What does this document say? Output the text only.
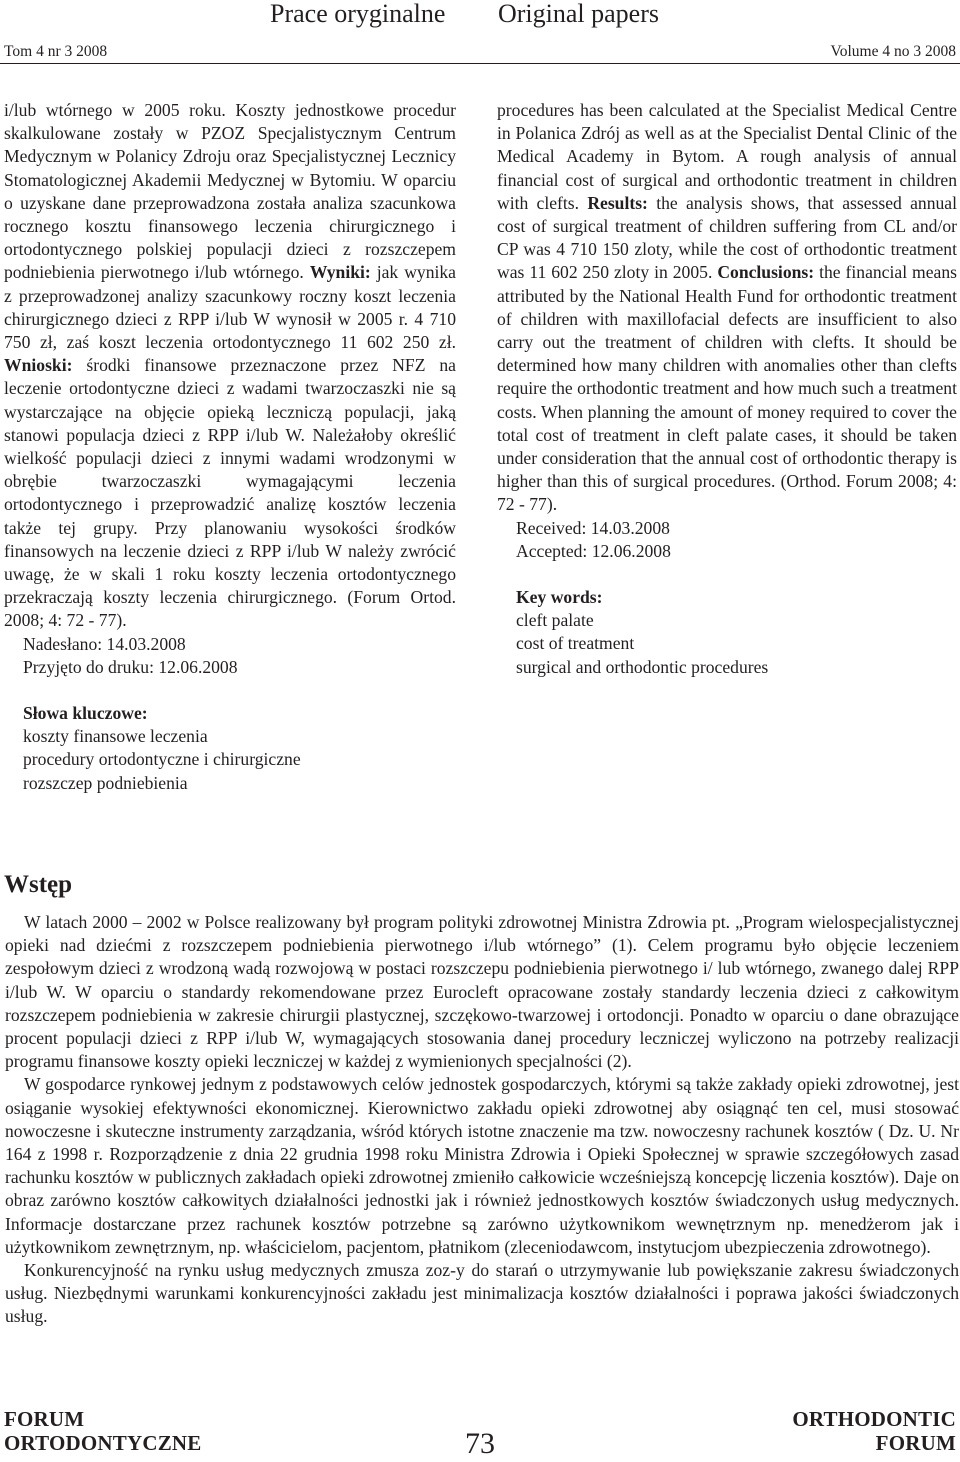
Prace oryginalne Original papers
Tom 4 nr 3 2008	Volume 4 no 3 2008

i/lub wtórnego w 2005 roku. Koszty jednostkowe procedur skalkulowane zostały w PZOZ Specjalistycznym Centrum Medycznym w Polanicy Zdroju oraz Specjalistycznej Lecznicy Stomatologicznej Akademii Medycznej w Bytomiu. W oparciu o uzyskane dane przeprowadzona została analiza szacunkowa rocznego kosztu finansowego leczenia chirurgicznego i ortodontycznego polskiej populacji dzieci z rozszczepem podniebienia pierwotnego i/lub wtórnego. Wyniki: jak wynika z przeprowadzonej analizy szacunkowy roczny koszt leczenia chirurgicznego dzieci z RPP i/lub W wynosił w 2005 r. 4 710 750 zł, zaś koszt leczenia ortodontycznego 11 602 250 zł. Wnioski: środki finansowe przeznaczone przez NFZ na leczenie ortodontyczne dzieci z wadami twarzoczaszki nie są wystarczające na objęcie opieką leczniczą populacji, jaką stanowi populacja dzieci z RPP i/lub W. Należałoby określić wielkość populacji dzieci z innymi wadami wrodzonymi w obrębie twarzoczaszki wymagającymi leczenia ortodontycznego i przeprowadzić analizę kosztów leczenia także tej grupy. Przy planowaniu wysokości środków finansowych na leczenie dzieci z RPP i/lub W należy zwrócić uwagę, że w skali 1 roku koszty leczenia ortodontycznego przekraczają koszty leczenia chirurgicznego. (Forum Ortod. 2008; 4: 72 - 77).

Nadesłano: 14.03.2008

Przyjęto do druku: 12.06.2008

Słowa kluczowe:
koszty finansowe leczenia
procedury ortodontyczne i chirurgiczne
rozszczep podniebienia

procedures has been calculated at the Specialist Medical Centre in Polanica Zdrój as well as at the Specialist Dental Clinic of the Medical Academy in Bytom. A rough analysis of annual financial cost of surgical and orthodontic treatment in children with clefts. Results: the analysis shows, that assessed annual cost of surgical treatment of children suffering from CL and/or CP was 4 710 150 zloty, while the cost of orthodontic treatment was 11 602 250 zloty in 2005. Conclusions: the financial means attributed by the National Health Fund for orthodontic treatment of children with maxillofacial defects are insufficient to also carry out the treatment of children with clefts. It should be determined how many children with anomalies other than clefts require the orthodontic treatment and how much such a treatment costs. When planning the amount of money required to cover the total cost of treatment in cleft palate cases, it should be taken under consideration that the annual cost of orthodontic therapy is higher than this of surgical procedures. (Orthod. Forum 2008; 4: 72 - 77).

Received: 14.03.2008

Accepted: 12.06.2008

Key words:
cleft palate
cost of treatment
surgical and orthodontic procedures
Wstęp

W latach 2000 – 2002 w Polsce realizowany był program polityki zdrowotnej Ministra Zdrowia pt. „Program wielospecjalistycznej opieki nad dziećmi z rozszczepem podniebienia pierwotnego i/lub wtórnego” (1). Celem programu było objęcie leczeniem zespołowym dzieci z wrodzoną wadą rozwojową w postaci rozszczepu podniebienia pierwotnego i/ lub wtórnego, zwanego dalej RPP i/lub W. W oparciu o standardy rekomendowane przez Eurocleft opracowane zostały standardy leczenia dzieci z całkowitym rozszczepem podniebienia w zakresie chirurgii plastycznej, szczękowo-twarzowej i ortodoncji. Ponadto w oparciu o dane obrazujące procent populacji dzieci z RPP i/lub W, wymagających stosowania danej procedury leczniczej wyliczono na potrzeby realizacji programu finansowe koszty opieki leczniczej w każdej z wymienionych specjalności (2).

W gospodarce rynkowej jednym z podstawowych celów jednostek gospodarczych, którymi są także zakłady opieki zdrowotnej, jest osiąganie wysokiej efektywności ekonomicznej. Kierownictwo zakładu opieki zdrowotnej aby osiągnąć ten cel, musi stosować nowoczesne i skuteczne instrumenty zarządzania, wśród których istotne znaczenie ma tzw. nowoczesny rachunek kosztów ( Dz. U. Nr 164 z 1998 r. Rozporządzenie z dnia 22 grudnia 1998 roku Ministra Zdrowia i Opieki Społecznej w sprawie szczegółowych zasad rachunku kosztów w publicznych zakładach opieki zdrowotnej zmieniło całkowicie wcześniejszą koncepcję liczenia kosztów). Daje on obraz zarówno kosztów całkowitych działalności jednostki jak i również jednostkowych kosztów świadczonych usług medycznych. Informacje dostarczane przez rachunek kosztów potrzebne są zarówno użytkownikom wewnętrznym np. menedżerom jak i użytkownikom zewnętrznym, np. właścicielom, pacjentom, płatnikom (zleceniodawcom, instytucjom ubezpieczenia zdrowotnego).

Konkurencyjność na rynku usług medycznych zmusza zoz-y do starań o utrzymywanie lub powiększanie zakresu świadczonych usług. Niezbędnymi warunkami konkurencyjności zakładu jest minimalizacja kosztów działalności i poprawa jakości świadczonych usług.

FORUM
ORTODONTYCZNE	73
ORTHODONTIC
FORUM
